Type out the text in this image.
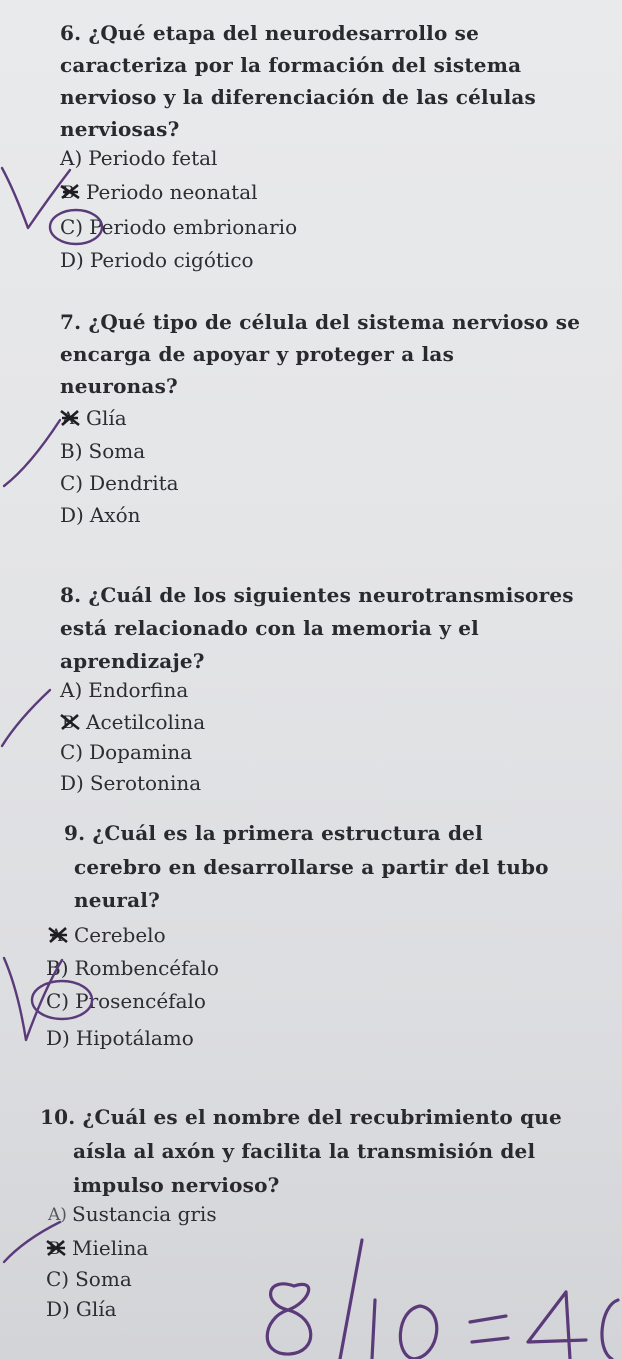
6. ¿Qué etapa del neurodesarrollo se
caracteriza por la formación del sistema
nervioso y la diferenciación de las células
nerviosas?
A) Periodo fetal
B Periodo neonatal
C) Periodo embrionario
D) Periodo cigótico
7. ¿Qué tipo de célula del sistema nervioso se
encarga de apoyar y proteger a las
neuronas?
A Glía
B) Soma
C) Dendrita
D) Axón
8. ¿Cuál de los siguientes neurotransmisores
está relacionado con la memoria y el
aprendizaje?
A) Endorfina
B Acetilcolina
C) Dopamina
D) Serotonina
9. ¿Cuál es la primera estructura del
cerebro en desarrollarse a partir del tubo
neural?
A Cerebelo
B) Rombencéfalo
C) Prosencéfalo
D) Hipotálamo
10. ¿Cuál es el nombre del recubrimiento que
aísla al axón y facilita la transmisión del
impulso nervioso?
A) Sustancia gris
B Mielina
C) Soma
D) Glía
